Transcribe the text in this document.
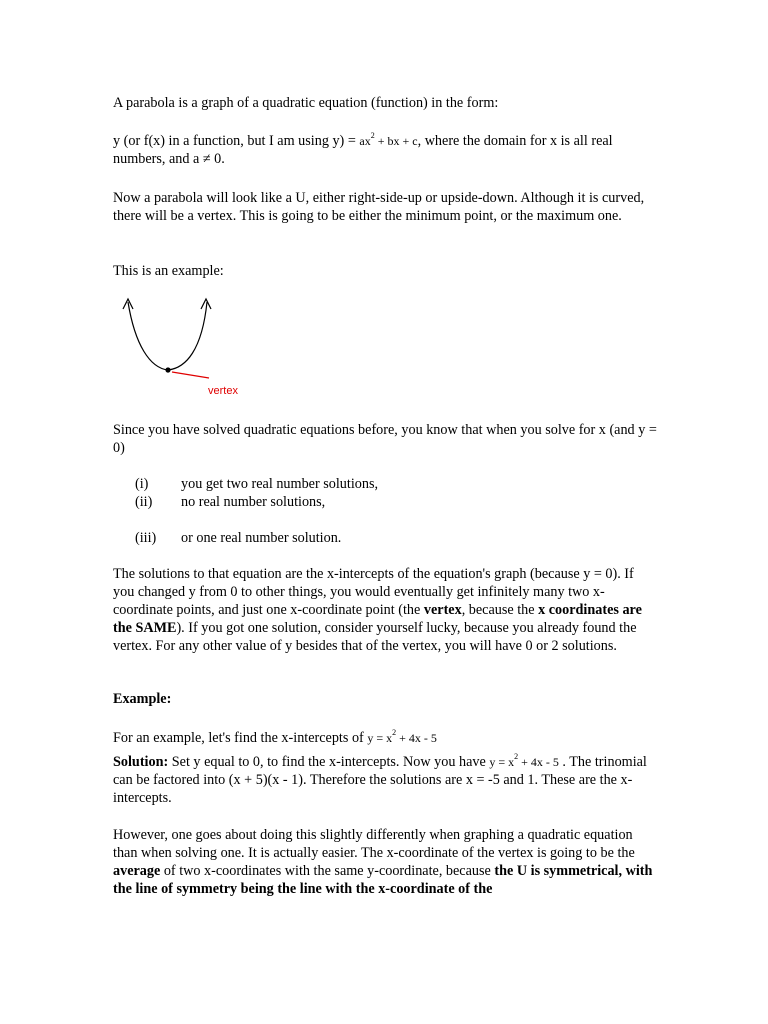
A parabola is a graph of a quadratic equation (function) in the form:

y (or f(x) in a function, but I am using $y) = ax^2$ + bx + c, where the domain for x is all real numbers, and a ≠ 0.

Now a parabola will look like a U, either right-side-up or upside-down. Although it is curved, there will be a vertex. This is going to be either the minimum point, or the maximum one.

This is an example:

vertex

Since you have solved quadratic equations before, you know that when you solve for x (and y = 0)

(i) you get two real number solutions,
(ii) no real number solutions,
(iii) or one real number solution.

The solutions to that equation are the x-intercepts of the equation's graph (because y = 0). If you changed y from 0 to other things, you would eventually get infinitely many two x-coordinate points, and just one x-coordinate point (the vertex, because the x coordinates are the SAME). If you got one solution, consider yourself lucky, because you already found the vertex. For any other value of y besides that of the vertex, you will have 0 or 2 solutions.

Example:

For an example, let's find the x-intercepts of $y = x^2 + 4x - 5$

Solution: Set y equal to 0, to find the x-intercepts. Now you have $y = x^2 + 4x - 5$ . The trinomial can be factored into (x + 5)(x - 1). Therefore the solutions are x = -5 and 1. These are the x-intercepts.

However, one goes about doing this slightly differently when graphing a quadratic equation than when solving one. It is actually easier. The x-coordinate of the vertex is going to be the average of two x-coordinates with the same y-coordinate, because the U is symmetrical, with the line of symmetry being the line with the x-coordinate of the
